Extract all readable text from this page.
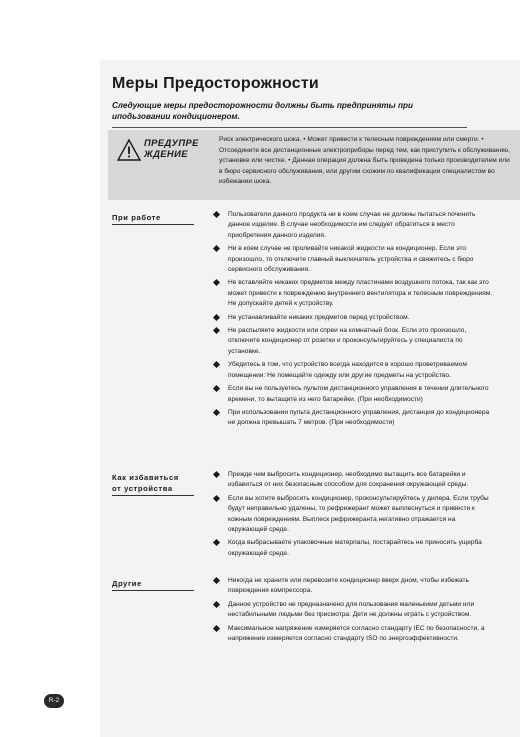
Меры Предосторожности
Следующие меры предосторожности должны быть предприняты при иподьзовании кондиционером.
ПРЕДУПРЕ
ЖДЕНИЕ
Риск электрического шока. • Может привести к телесным повреждениям или смерти. • Отсоедините все дистанционные электроприборы перед тем, как приступить к обслуживанию, установке или чистке. • Данная операция должна быть проведена только производителем или в бюро сервисного обслуживания, или другим схожим по квалификации специалистом во избежании шока.
При работе	Пользователи данного продукта ни в коем случае не должны пытаться починить данное изделие. В случае необходимости им следует обратиться в место приобретения данного изделия.
Ни в коем случае не проливайте никакой жидкости на кондиционер. Если это произошло, то отключите главный выключатель устройства и свяжитесь с бюро сервисного обслуживания.
Не вставляйте никаких предметов между пластинами воздушного потока, так как это может привести к повреждению внутреннего вентилятора и телесным повреждениям. Не допускайте детей к устройству.
Не устанавливайте никаких предметов перед устройством.
Не распыляете жидкости или спреи на комнатный блок. Если это произошло, отключите кондиционер от розетки и проконсультируйтесь у специалиста по установке.
Убедитесь в том, что устройство всегда находится в хорошо проветриваемом помещении: Не помещайте одежду или другие предметы на устройство.
Если вы не пользуетесь пультом дистанционного управления в течении длительного времени, то вытащите из него батарейки. (При необходимости)
При использовании пульта дистанционного управления, дистанция до кондиционера не должна превышать 7 метров. (При необходимости)
Как избавиться
от устройства
Прежде чем выбросить кондиционер, необходимо вытащить все батарейки и избавиться от них безопасным способом для сохранения окружающей среды.
Если вы хотите выбросить кондиционер, проконсультируйтесь у дилера. Если трубы будут неправильно удалены, то рефрижерант может выплеснуться и привести к кожным повреждениям. Выплеск рефрижеранта негативно отражается на окружающей среде.
Когда выбрасываете упаковочные матерпалы, постарайтесь не приносить ущерба окружающей среде.
Другие	Никогда не храните или перевозите кондиционер вверх дном, чтобы избежать повреждения компрессора.
Данное устройство не предназначено для пользования маленькими детьми или нестабильными людьми без присмотра: Дети не должны играть с устройством.
Максимальное напряжение измеряется согласно стандарту IEC по безопасности, а напряжение измеряется согласно стандарту ISO по энергоэффективности.
R-2
